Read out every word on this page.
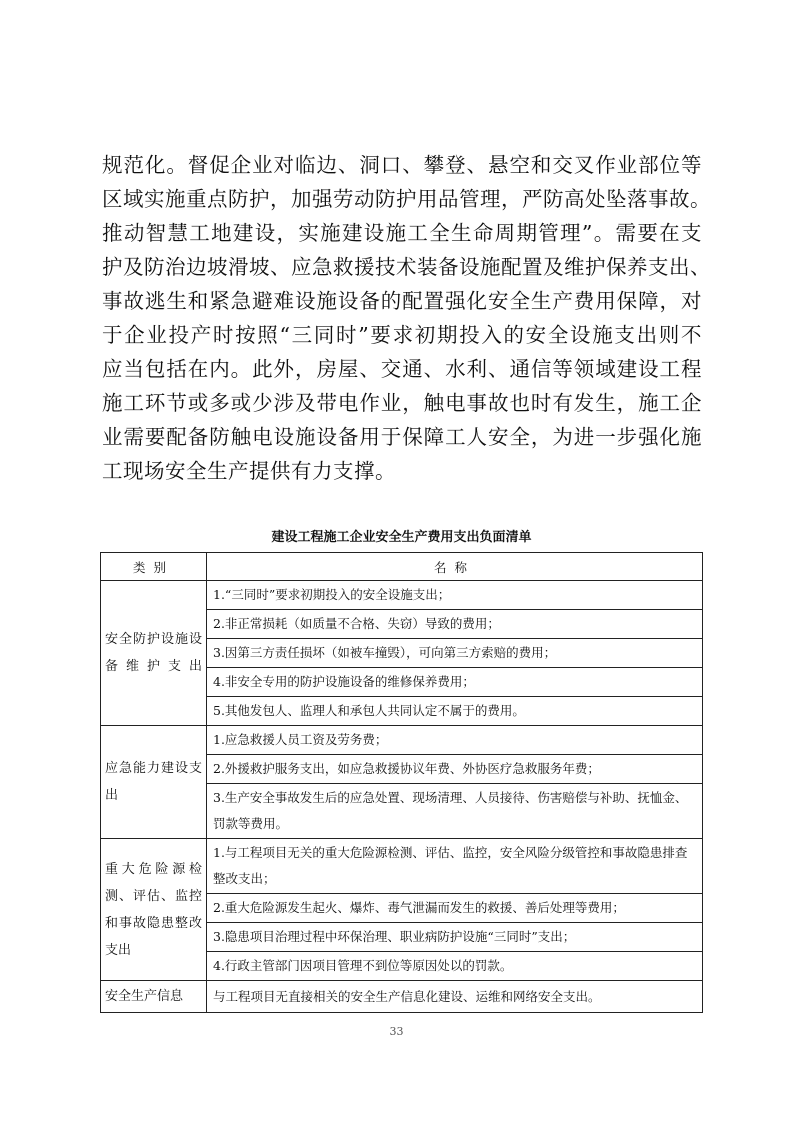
规范化。督促企业对临边、洞口、攀登、悬空和交叉作业部位等
区域实施重点防护，加强劳动防护用品管理，严防高处坠落事故。
推动智慧工地建设，实施建设施工全生命周期管理”。需要在支
护及防治边坡滑坡、应急救援技术装备设施配置及维护保养支出、
事故逃生和紧急避难设施设备的配置强化安全生产费用保障，对
于企业投产时按照“三同时”要求初期投入的安全设施支出则不
应当包括在内。此外，房屋、交通、水利、通信等领域建设工程
施工环节或多或少涉及带电作业，触电事故也时有发生，施工企
业需要配备防触电设施设备用于保障工人安全，为进一步强化施
工现场安全生产提供有力支撑。
建设工程施工企业安全生产费用支出负面清单
类别	名称
安全防护设施设备维护支出	1.“三同时”要求初期投入的安全设施支出；
	2.非正常损耗（如质量不合格、失窃）导致的费用；
	3.因第三方责任损坏（如被车撞毁），可向第三方索赔的费用；
	4.非安全专用的防护设施设备的维修保养费用；
	5.其他发包人、监理人和承包人共同认定不属于的费用。
应急能力建设支出	1.应急救援人员工资及劳务费；
	2.外援救护服务支出，如应急救援协议年费、外协医疗急救服务年费；
	3.生产安全事故发生后的应急处置、现场清理、人员接待、伤害赔偿与补助、抚恤金、罚款等费用。
重大危险源检测、评估、监控和事故隐患整改支出	1.与工程项目无关的重大危险源检测、评估、监控，安全风险分级管控和事故隐患排查整改支出；
	2.重大危险源发生起火、爆炸、毒气泄漏而发生的救援、善后处理等费用；
	3.隐患项目治理过程中环保治理、职业病防护设施“三同时”支出；
	4.行政主管部门因项目管理不到位等原因处以的罚款。
安全生产信息	与工程项目无直接相关的安全生产信息化建设、运维和网络安全支出。
33
